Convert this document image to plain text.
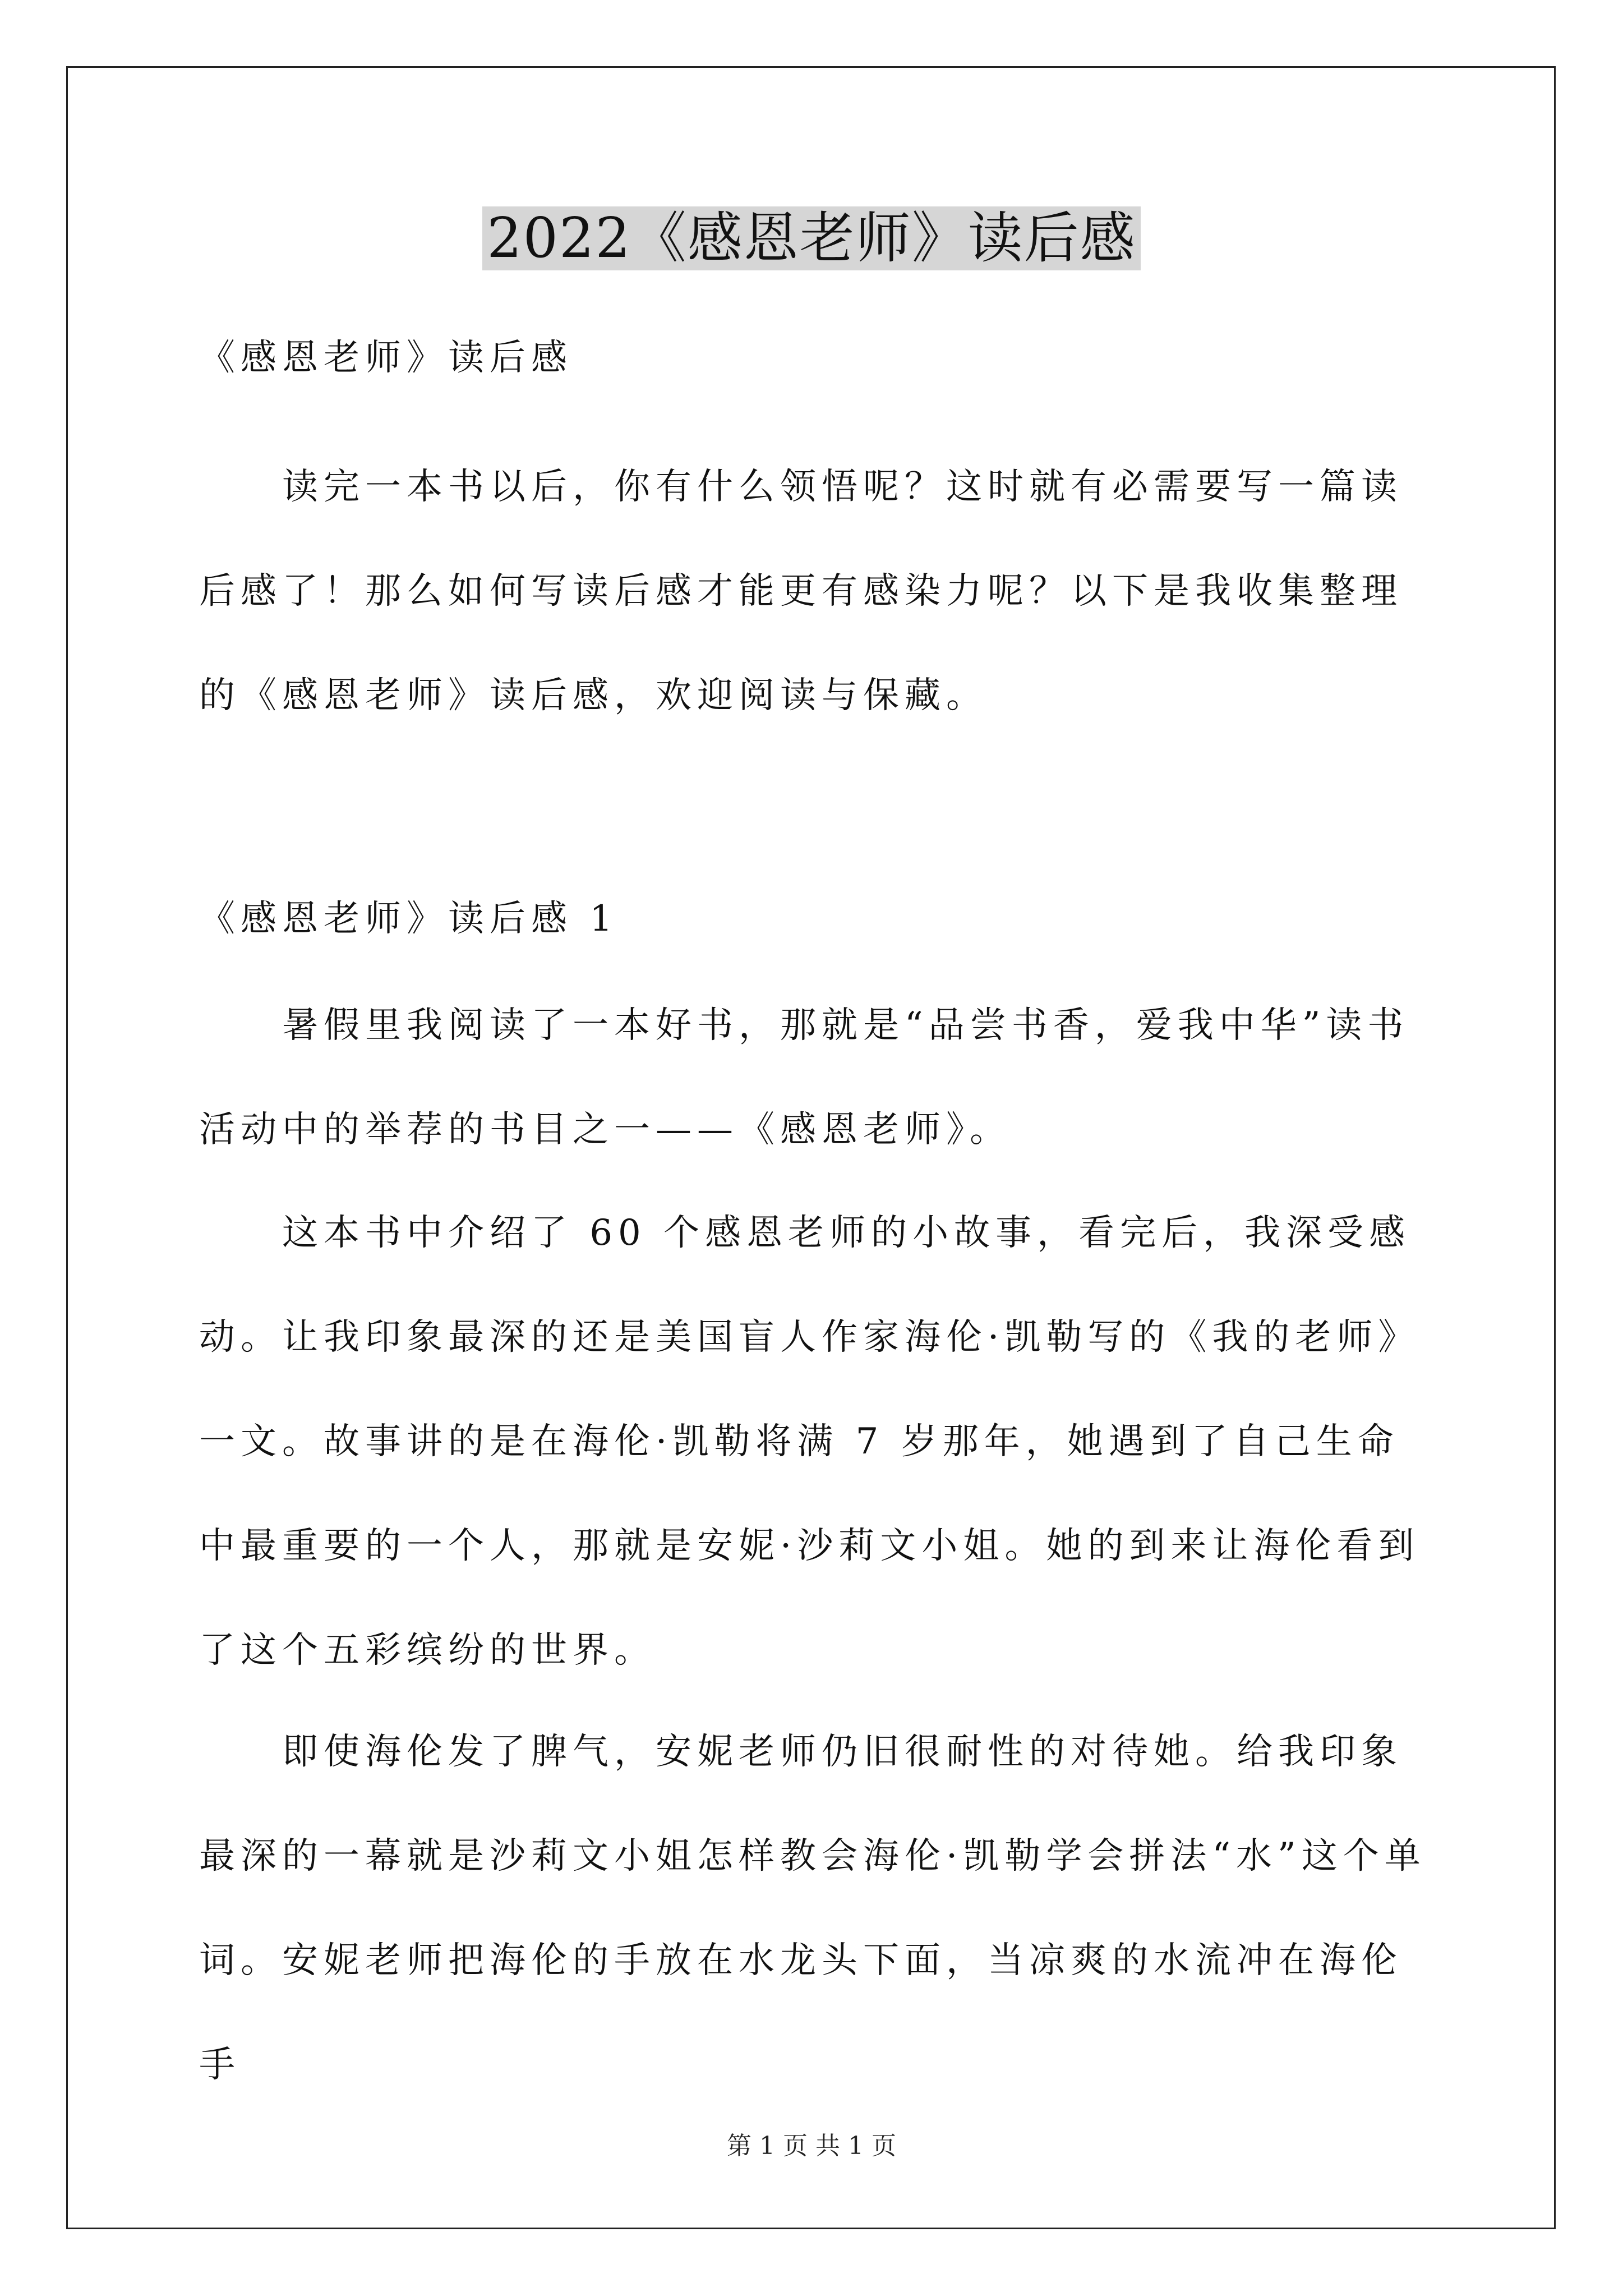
2022《感恩老师》读后感

《感恩老师》读后感

读完一本书以后，你有什么领悟呢？这时就有必需要写一篇读后感了！那么如何写读后感才能更有感染力呢？以下是我收集整理的《感恩老师》读后感，欢迎阅读与保藏。

《感恩老师》读后感 1

暑假里我阅读了一本好书，那就是“品尝书香，爱我中华”读书活动中的举荐的书目之一——《感恩老师》。

这本书中介绍了 60 个感恩老师的小故事，看完后，我深受感动。让我印象最深的还是美国盲人作家海伦·凯勒写的《我的老师》一文。故事讲的是在海伦·凯勒将满 7 岁那年，她遇到了自己生命中最重要的一个人，那就是安妮·沙莉文小姐。她的到来让海伦看到了这个五彩缤纷的世界。

即使海伦发了脾气，安妮老师仍旧很耐性的对待她。给我印象最深的一幕就是沙莉文小姐怎样教会海伦·凯勒学会拼法“水”这个单词。安妮老师把海伦的手放在水龙头下面，当凉爽的水流冲在海伦手

第 1 页 共 1 页
